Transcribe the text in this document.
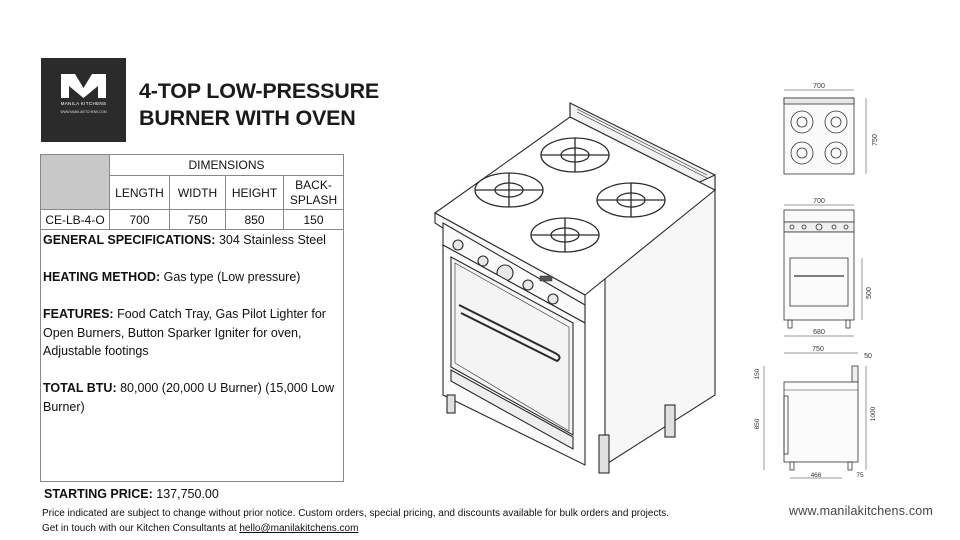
MANILA KITCHENS
WWW.MANILAKITCHENS.COM
4-TOP LOW-PRESSURE
BURNER WITH OVEN
	DIMENSIONS			
	LENGTH	WIDTH	HEIGHT	BACK-
SPLASH
CE-LB-4-O	700	750	850	150

GENERAL SPECIFICATIONS: 304 Stainless Steel

HEATING METHOD: Gas type (Low pressure)

FEATURES: Food Catch Tray, Gas Pilot Lighter for Open Burners, Button Sparker Igniter for oven, Adjustable footings

TOTAL BTU: 80,000 (20,000 U Burner) (15,000 Low Burner)

700
750
700
500
680
750
50
150
850
1000
466	75
STARTING PRICE: 137,750.00
Price indicated are subject to change without prior notice. Custom orders, special pricing, and discounts available for bulk orders and projects.
Get in touch with our Kitchen Consultants at hello@manilakitchens.com
www.manilakitchens.com
